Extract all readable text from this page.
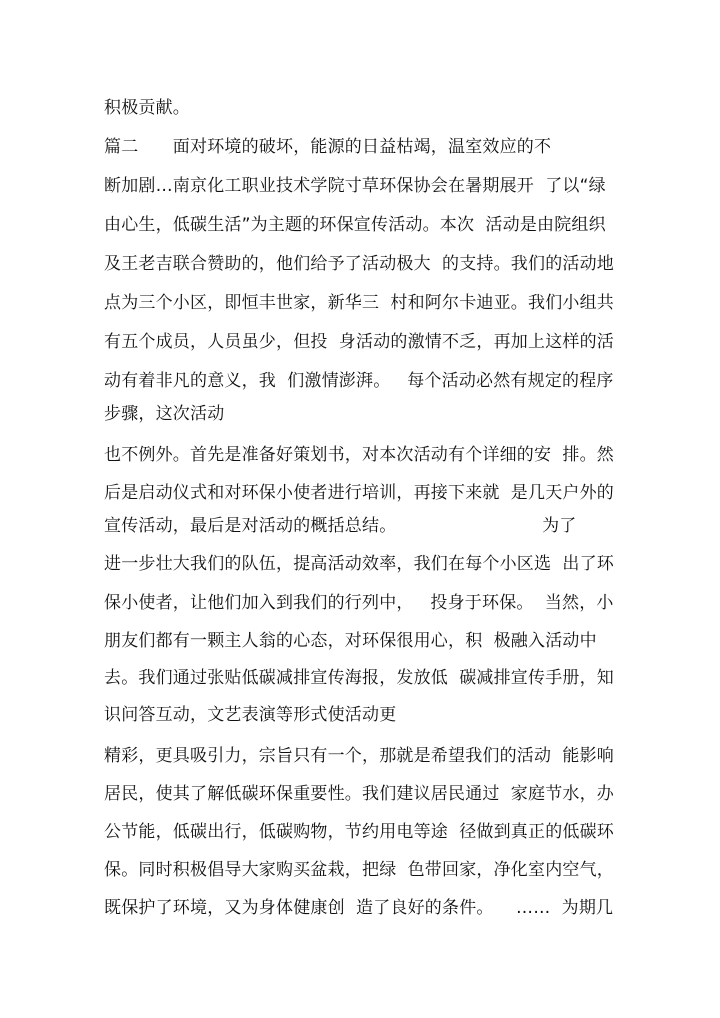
积极贡献。
篇二　　面对环境的破坏，能源的日益枯竭，温室效应的不
断加剧…南京化工职业技术学院寸草环保协会在暑期展开  了以“绿
由心生，低碳生活”为主题的环保宣传活动。本次  活动是由院组织
及王老吉联合赞助的，他们给予了活动极大  的支持。我们的活动地
点为三个小区，即恒丰世家，新华三  村和阿尔卡迪亚。我们小组共
有五个成员，人员虽少，但投  身活动的激情不乏，再加上这样的活
动有着非凡的意义，我  们激情澎湃。   每个活动必然有规定的程序
步骤，这次活动
也不例外。首先是准备好策划书，对本次活动有个详细的安  排。然
后是启动仪式和对环保小使者进行培训，再接下来就  是几天户外的
宣传活动，最后是对活动的概括总结。                          为了
进一步壮大我们的队伍，提高活动效率，我们在每个小区选  出了环
保小使者，让他们加入到我们的行列中，   投身于环保。  当然，小
朋友们都有一颗主人翁的心态，对环保很用心，积  极融入活动中
去。我们通过张贴低碳减排宣传海报，发放低  碳减排宣传手册，知
识问答互动，文艺表演等形式使活动更
精彩，更具吸引力，宗旨只有一个，那就是希望我们的活动  能影响
居民，使其了解低碳环保重要性。我们建议居民通过  家庭节水，办
公节能，低碳出行，低碳购物，节约用电等途  径做到真正的低碳环
保。同时积极倡导大家购买盆栽，把绿  色带回家，净化室内空气，
既保护了环境，又为身体健康创  造了良好的条件。    ……  为期几
